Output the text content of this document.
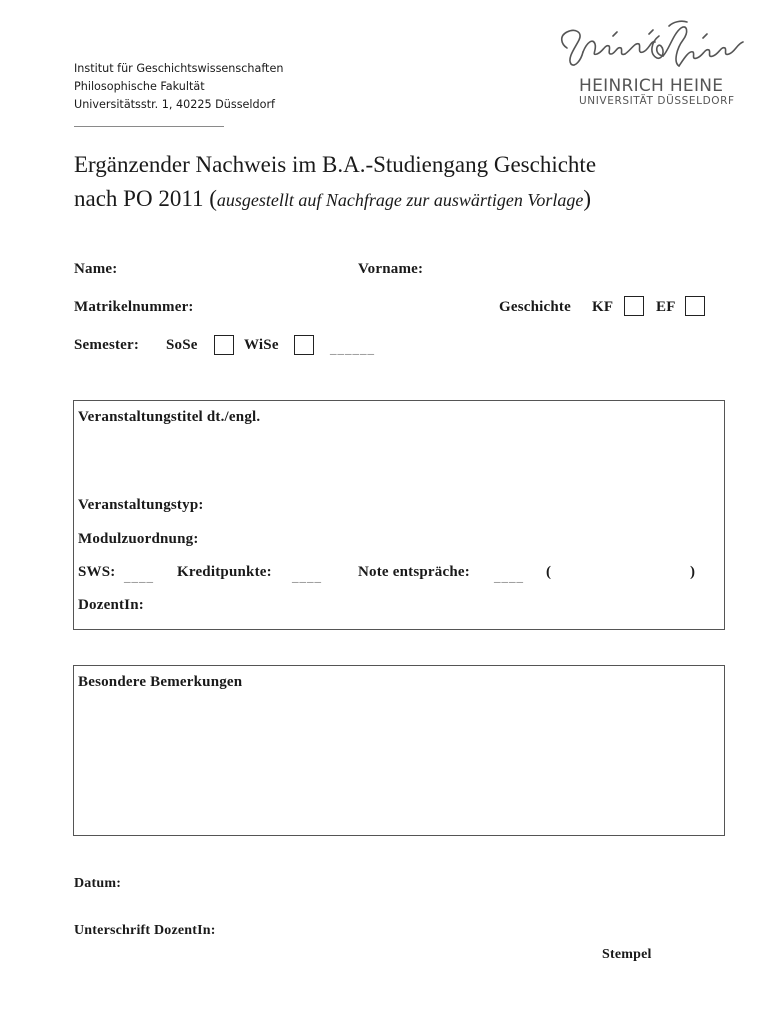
Institut für Geschichtswissenschaften
Philosophische Fakultät
Universitätsstr. 1, 40225 Düsseldorf
HEINRICH HEINE
UNIVERSITÄT DÜSSELDORF
Ergänzender Nachweis im B.A.-Studiengang Geschichte
nach PO 2011 (ausgestellt auf Nachfrage zur auswärtigen Vorlage)
Name:	Vorname:
Matrikelnummer:	Geschichte KF	EF
Semester: SoSe	WiSe	______
Veranstaltungstitel dt./engl.
Veranstaltungstyp:
Modulzuordnung:
SWS: ____ Kreditpunkte: ____ Note entspräche: ____ (	)
DozentIn:
Besondere Bemerkungen
Datum:
Unterschrift DozentIn:
Stempel
